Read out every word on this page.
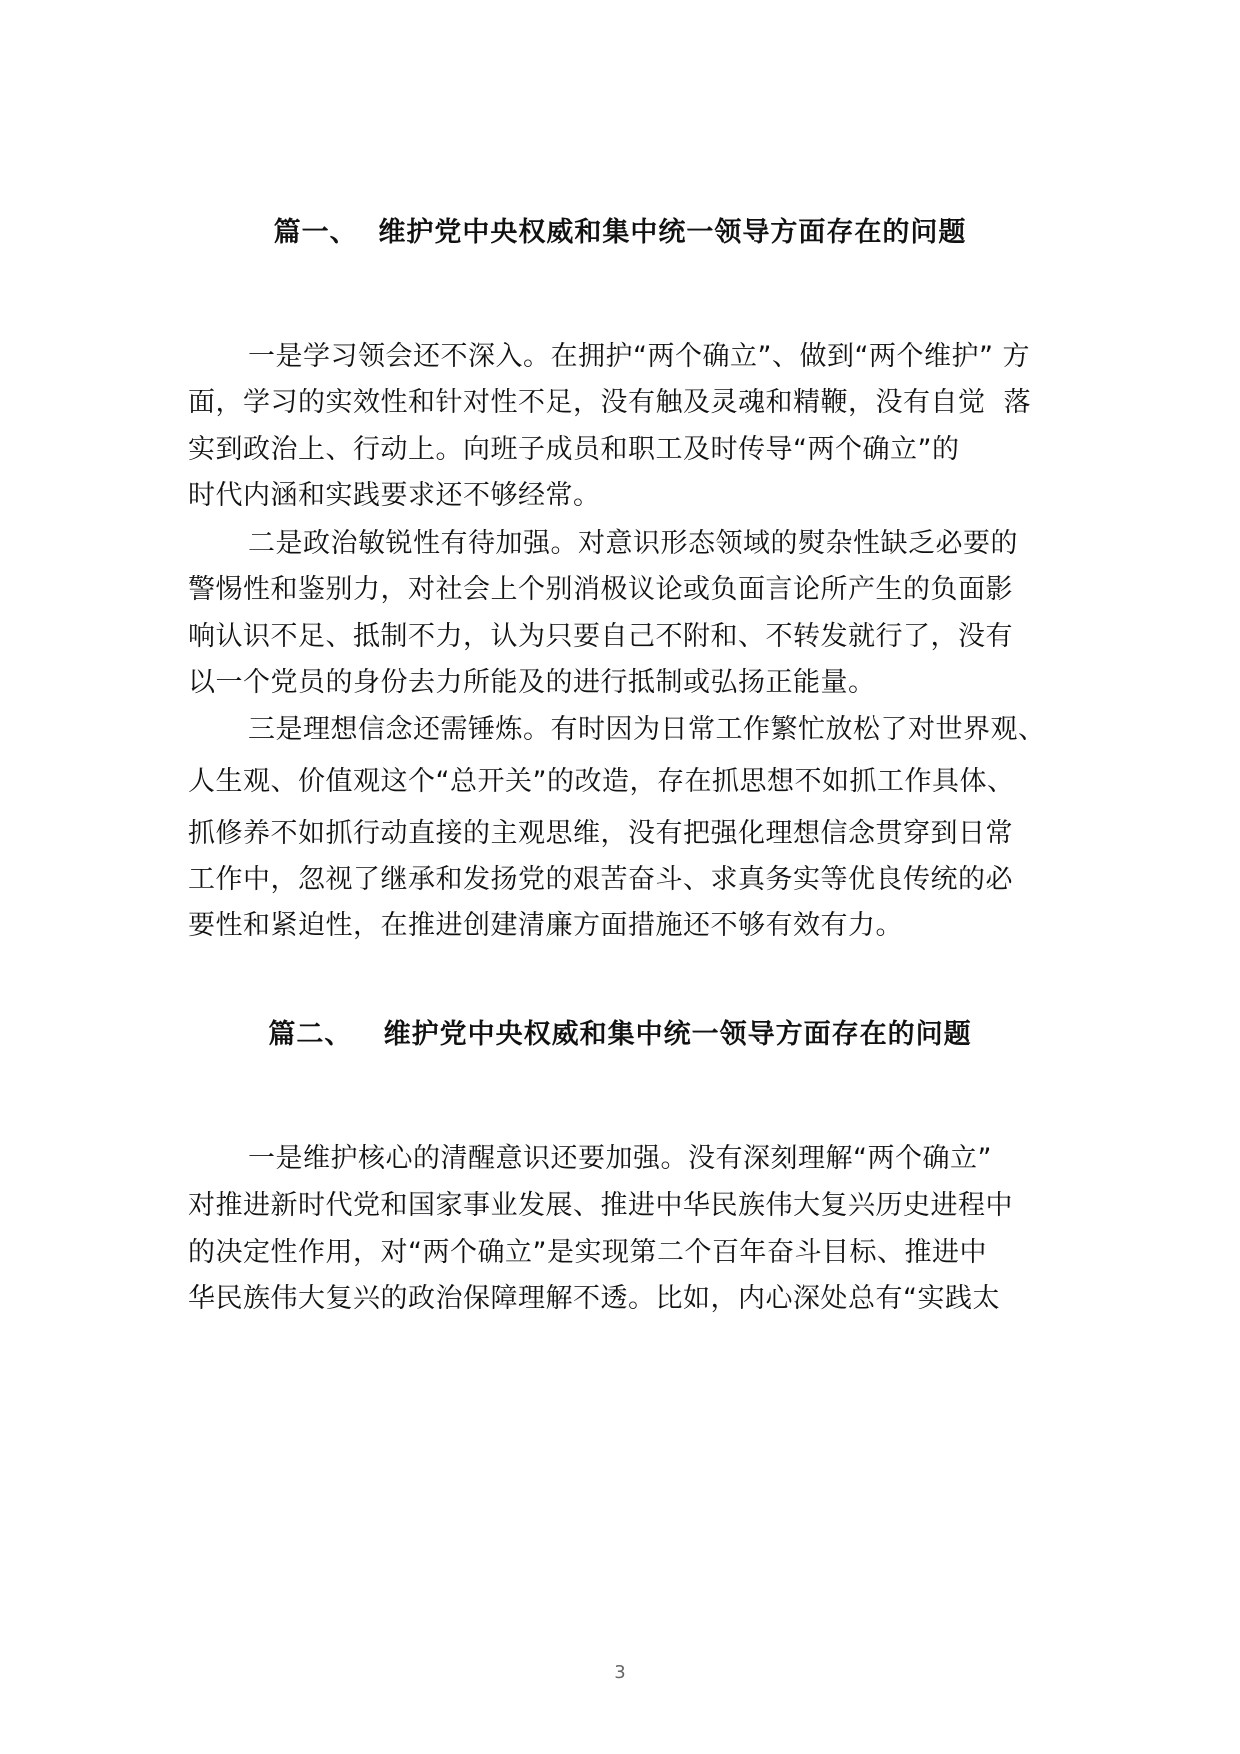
篇一、  维护党中央权威和集中统一领导方面存在的问题
一是学习领会还不深入。在拥护“两个确立”、做到“两个维护” 方
面，学习的实效性和针对性不足，没有触及灵魂和精鞭，没有自觉  落
实到政治上、行动上。向班子成员和职工及时传导“两个确立”的
时代内涵和实践要求还不够经常。
二是政治敏锐性有待加强。对意识形态领域的熨杂性缺乏必要的
警惕性和鉴别力，对社会上个别消极议论或负面言论所产生的负面影
响认识不足、抵制不力，认为只要自己不附和、不转发就行了，没有
以一个党员的身份去力所能及的进行抵制或弘扬正能量。
三是理想信念还需锤炼。有时因为日常工作繁忙放松了对世界观、
人生观、价值观这个“总开关”的改造，存在抓思想不如抓工作具体、
抓修养不如抓行动直接的主观思维，没有把强化理想信念贯穿到日常
工作中，忽视了继承和发扬党的艰苦奋斗、求真务实等优良传统的必
要性和紧迫性，在推进创建清廉方面措施还不够有效有力。
篇二、   维护党中央权威和集中统一领导方面存在的问题
一是维护核心的清醒意识还要加强。没有深刻理解“两个确立”
对推进新时代党和国家事业发展、推进中华民族伟大复兴历史进程中
的决定性作用，对“两个确立”是实现第二个百年奋斗目标、推进中
华民族伟大复兴的政治保障理解不透。比如，内心深处总有“实践太
3
